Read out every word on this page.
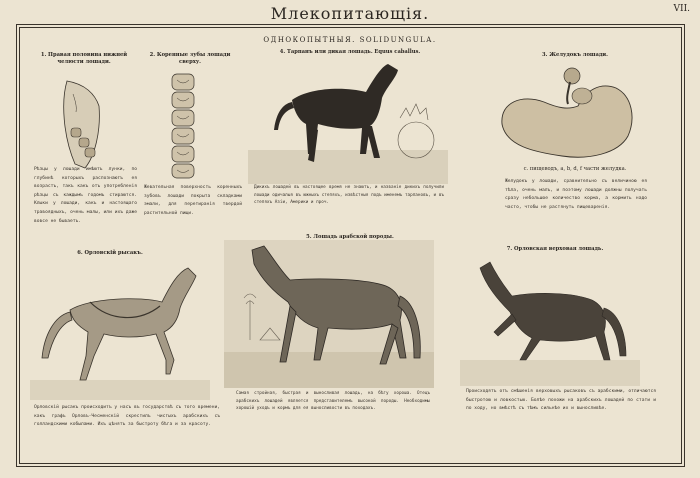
Млекопитающія.	VII.
ОДНОКОПЫТНЫЯ. SOLIDUNGULA.
1. Правая половина нижней челюсти лошади.
Рѣзцы у лошади имѣютъ лунки, по глубинѣ которыхъ распознаютъ ея возрастъ, такъ какъ отъ употребленія рѣзцы съ каждымъ годомъ стираются. Клыки у лошади, какъ и настоящаго травоядныхъ, очень малы, или ихъ даже вовсе не бываетъ.
2. Коренные зубы лошади сверху.
Жевательная поверхность коренныхъ зубовъ лошади покрыта складками эмали, для перетиранія твердой растительной пищи.
4. Тарпанъ или дикая лошадь. Equus caballus.
Дикихъ лошадей въ настоящее время не знаютъ, и названіе дикихъ получили лошади одичалыя въ южныхъ степяхъ, извѣстныя подъ именемъ тарпановъ, и въ степяхъ Азіи, Америки и проч.
3. Желудокъ лошади.
с. пищеводъ, а, b, d, f части желудка.
Желудокъ у лошади, сравнительно съ величиною ея тѣла, очень малъ, и поэтому лошади должны получать сразу небольшое количество корма, а кормить надо часто, чтобы не растянуть пищеваренія.
6. Орловскій рысакъ.
Орловскій рысакъ происходитъ у насъ въ государствѣ съ того времени, какъ графъ Орловъ-Чесменскій скрестилъ чистыхъ арабскихъ съ голландскими кобылами. Ихъ цѣнятъ за быстроту бѣга и за красоту.
5. Лошадь арабской породы.
Самая стройная, быстрая и выносливая лошадь, на бѣгу хороша. Отецъ арабскихъ лошадей является представителемъ высокой породы. Необходимы хорошій уходъ и кормъ для ея выносливости въ походахъ.
7. Орловская верховая лошадь.
Происходятъ отъ смѣшенія верховыхъ рысаковъ съ арабскими, отличаются быстротою и ловкостью. Болѣе похожи на арабскихъ лошадей по стати и по ходу, но вмѣстѣ съ тѣмъ сильнѣе их и выносливѣе.
